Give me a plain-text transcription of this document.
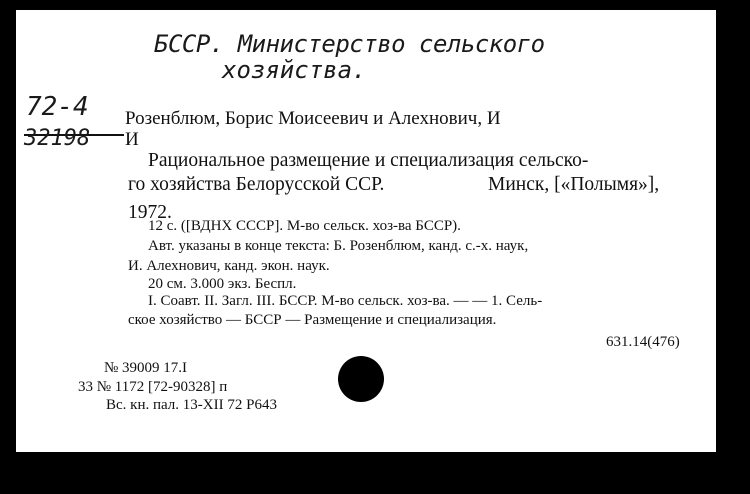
БССР. Министерство сельского
хозяйства.
72-4
32198
Розенблюм, Борис Моисеевич и Алехнович, И
И
Рациональное размещение и специализация сельско-
го хозяйства Белорусской ССР.	Минск, [«Полымя»],
1972.
12 с. ([ВДНХ СССР]. М-во сельск. хоз-ва БССР).
Авт. указаны в конце текста: Б. Розенблюм, канд. с.-х. наук,
И. Алехнович, канд. экон. наук.
20 см. 3.000 экз. Беспл.
I. Соавт. II. Загл. III. БССР. М-во сельск. хоз-ва. — — 1. Сель-
ское хозяйство — БССР — Размещение и специализация.
631.14(476)
№ 39009 17.I
33 № 1172 [72-90328] п
Вс. кн. пал. 13-XII 72 Р643
